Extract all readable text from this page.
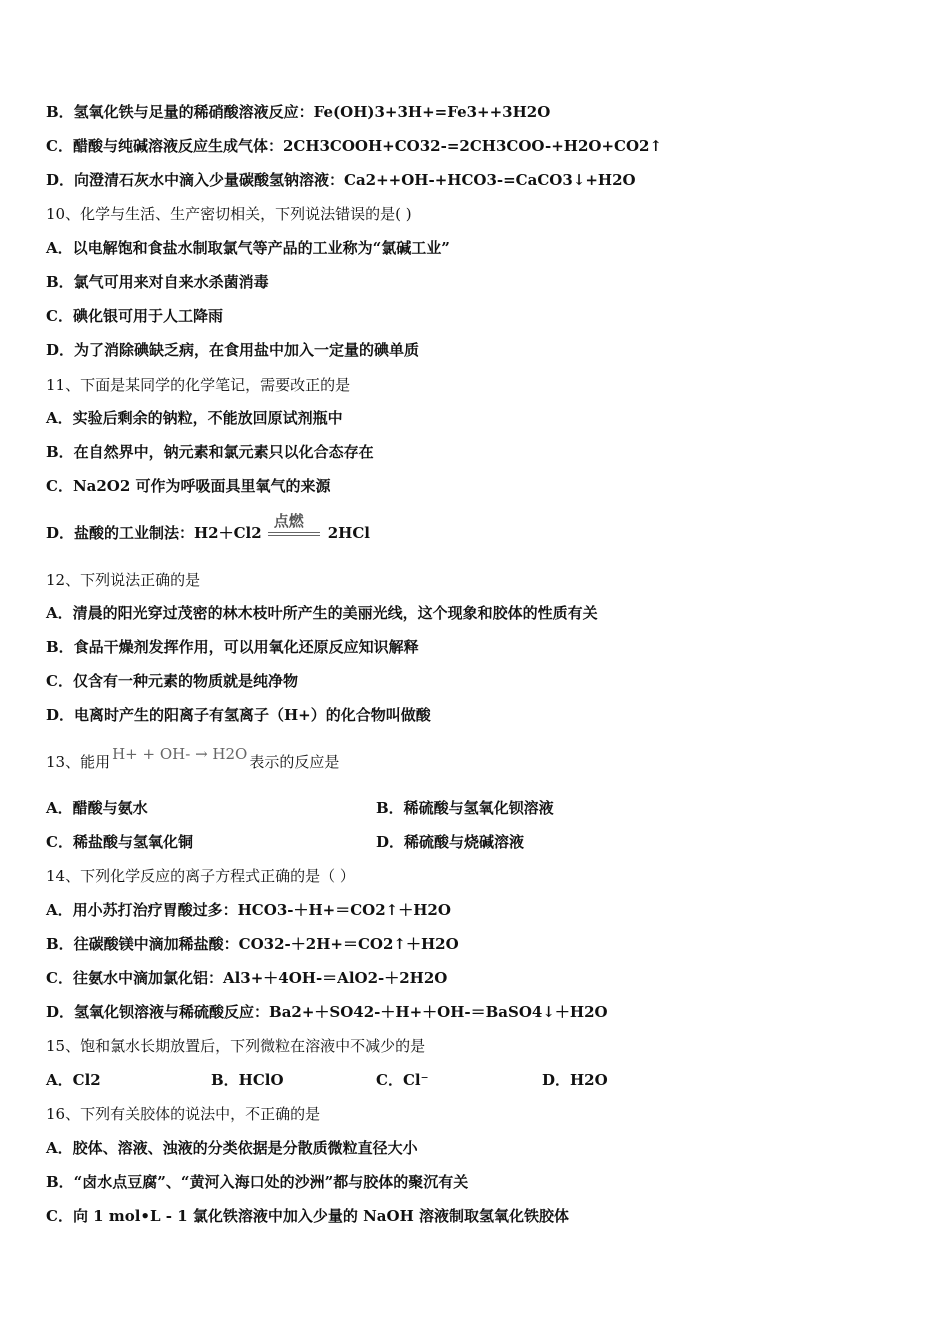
B．氢氧化铁与足量的稀硝酸溶液反应：Fe(OH)3+3H+=Fe3++3H2O
C．醋酸与纯碱溶液反应生成气体：2CH3COOH+CO32-=2CH3COO-+H2O+CO2↑
D．向澄清石灰水中滴入少量碳酸氢钠溶液：Ca2++OH-+HCO3-=CaCO3↓+H2O
10、化学与生活、生产密切相关，下列说法错误的是( )
A．以电解饱和食盐水制取氯气等产品的工业称为“氯碱工业”
B．氯气可用来对自来水杀菌消毒
C．碘化银可用于人工降雨
D．为了消除碘缺乏病，在食用盐中加入一定量的碘单质
11、下面是某同学的化学笔记，需要改正的是
A．实验后剩余的钠粒，不能放回原试剂瓶中
B．在自然界中，钠元素和氯元素只以化合态存在
C．Na2O2 可作为呼吸面具里氧气的来源
D．盐酸的工业制法：H2＋Cl2
点燃
2HCl
12、下列说法正确的是
A．清晨的阳光穿过茂密的林木枝叶所产生的美丽光线，这个现象和胶体的性质有关
B．食品干燥剂发挥作用，可以用氧化还原反应知识解释
C．仅含有一种元素的物质就是纯净物
D．电离时产生的阳离子有氢离子（H+）的化合物叫做酸
13、能用 H+ + OH- → H2O 表示的反应是
A．醋酸与氨水	B．稀硫酸与氢氧化钡溶液
C．稀盐酸与氢氧化铜	D．稀硫酸与烧碱溶液
14、下列化学反应的离子方程式正确的是（ ）
A．用小苏打治疗胃酸过多：HCO3-＋H+＝CO2↑＋H2O
B．往碳酸镁中滴加稀盐酸：CO32-＋2H+＝CO2↑＋H2O
C．往氨水中滴加氯化铝：Al3+＋4OH-＝AlO2-＋2H2O
D．氢氧化钡溶液与稀硫酸反应：Ba2+＋SO42-＋H+＋OH-＝BaSO4↓＋H2O
15、饱和氯水长期放置后，下列微粒在溶液中不减少的是
A．Cl2	B．HClO	C．Cl⁻	D．H2O
16、下列有关胶体的说法中，不正确的是
A．胶体、溶液、浊液的分类依据是分散质微粒直径大小
B．“卤水点豆腐”、“黄河入海口处的沙洲”都与胶体的聚沉有关
C．向 1 mol•L - 1 氯化铁溶液中加入少量的 NaOH 溶液制取氢氧化铁胶体
